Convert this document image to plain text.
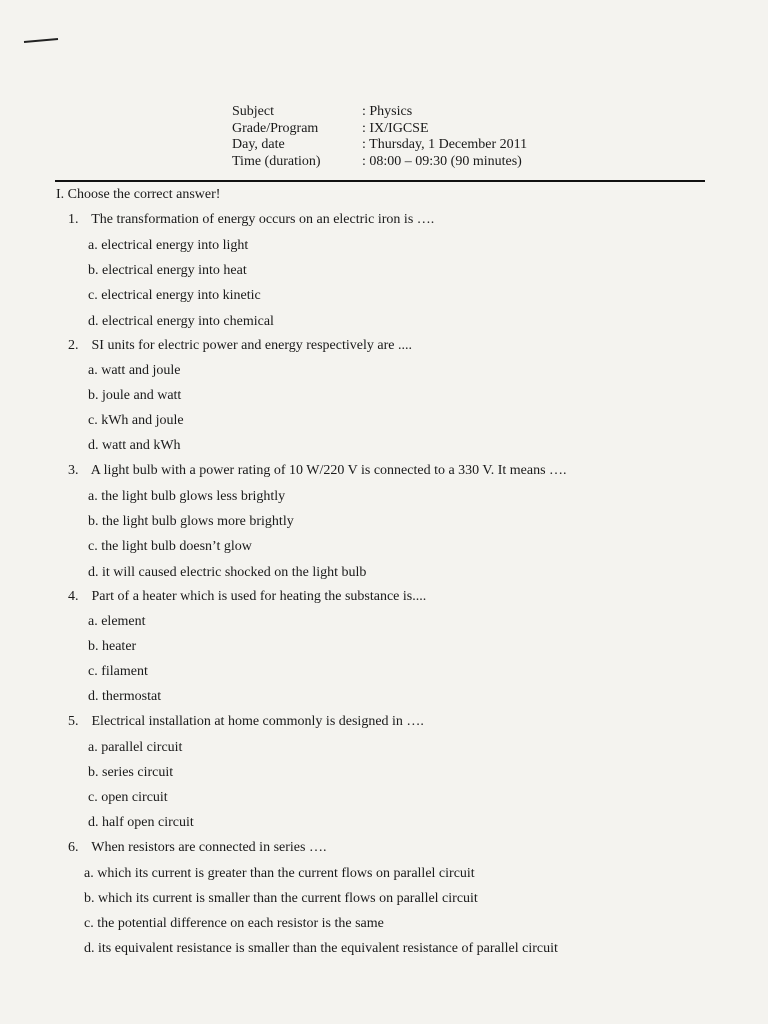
Subject	: Physics
Grade/Program	: IX/IGCSE
Day, date	: Thursday, 1 December 2011
Time (duration)	: 08:00 – 09:30 (90 minutes)
I. Choose the correct answer!
1. The transformation of energy occurs on an electric iron is ….
a. electrical energy into light
b. electrical energy into heat
c. electrical energy into kinetic
d. electrical energy into chemical
2. SI units for electric power and energy respectively are ....
a. watt and joule
b. joule and watt
c. kWh and joule
d. watt and kWh
3. A light bulb with a power rating of 10 W/220 V is connected to a 330 V. It means ….
a. the light bulb glows less brightly
b. the light bulb glows more brightly
c. the light bulb doesn’t glow
d. it will caused electric shocked on the light bulb
4. Part of a heater which is used for heating the substance is....
a. element
b. heater
c. filament
d. thermostat
5. Electrical installation at home commonly is designed in ….
a. parallel circuit
b. series circuit
c. open circuit
d. half open circuit
6. When resistors are connected in series ….
a. which its current is greater than the current flows on parallel circuit
b. which its current is smaller than the current flows on parallel circuit
c. the potential difference on each resistor is the same
d. its equivalent resistance is smaller than the equivalent resistance of parallel circuit
